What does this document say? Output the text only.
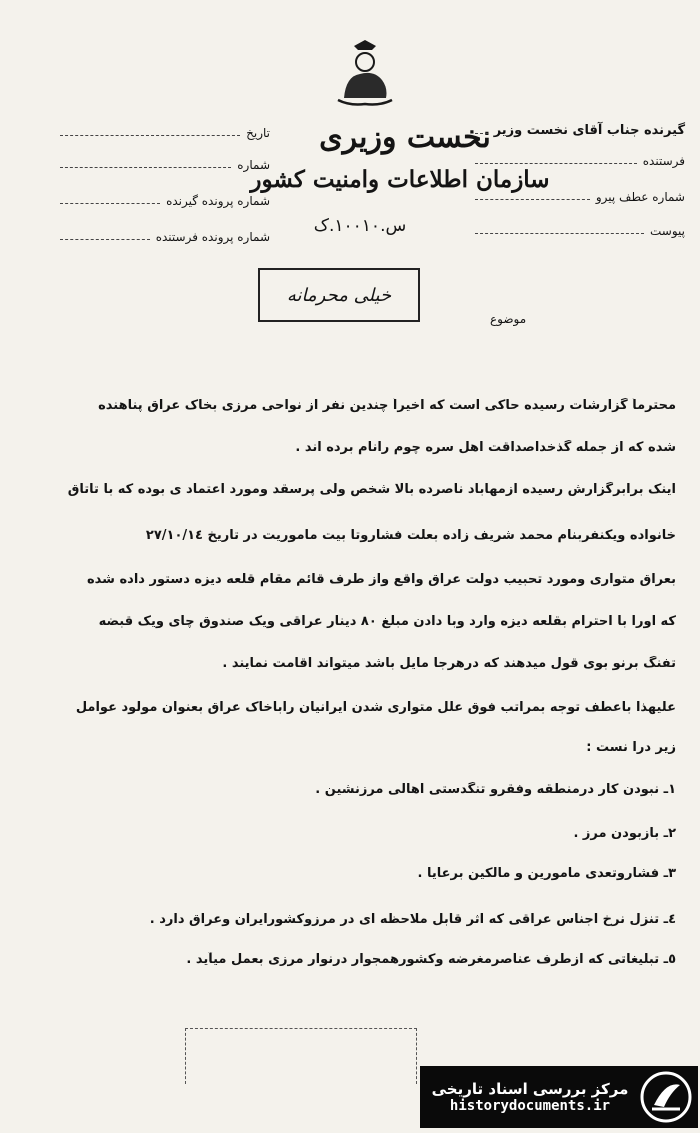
نخست وزیری
سازمان اطلاعات وامنیت کشور
س.١٠٠١٠.ک
تاریخ
شماره
شماره پرونده گیرنده
شماره پرونده فرستنده
گیرنده جناب آقای نخست وزیر
فرستنده
شماره عطف پیرو
پیوست
خیلی محرمانه
موضوع
محترماً گزارشات رسیده حاکی است که اخیراً چندین نفر از نواحی مرزی بخاک عراق پناهنده
شده که از جمله گذخداصداقت اهل سره چوم رانام برده اند .
اینک برابرگزارش رسیده ازمهاباد ناصرده بالا شخص ولی پرسقد ومورد اعتماد ی بوده که با تاتاق
خانواده ویکنفربنام محمد شریف زاده بعلت فشاروتا بیت ماموریت در تاریخ ٢٧/١٠/١٤
بعراق متواری ومورد تحبیب دولت عراق واقع واز طرف قائم مقام قلعه دیزه دستور داده شده
که اورا با احترام بقلعه دیزه وارد وبا دادن مبلغ ٨٠ دینار عراقی ویک صندوق چای ویک قبضه
تفنگ برنو بوی قول میدهند که درهرجا مایل باشد میتواند اقامت نمایند .
علیهذا باعطف توجه بمراتب فوق علل متواری شدن ایرانیان راباخاک عراق بعنوان مولود عوامل
زیر درا نست :
١ـ نبودن کار درمنطقه وفقرو تنگدستی اهالی مرزنشین .
٢ـ بازبودن مرز .
٣ـ فشاروتعدی مامورین و مالکین برعایا .
٤ـ تنزل نرخ اجناس عراقی که اثر قابل ملاحظه ای در مرزوکشورایران وعراق دارد .
٥ـ تبلیغاتی که ازطرف عناصرمغرضه وکشورهمجوار درنوار مرزی بعمل میآید .
مرکز بررسی اسناد تاریخی
historydocuments.ir
